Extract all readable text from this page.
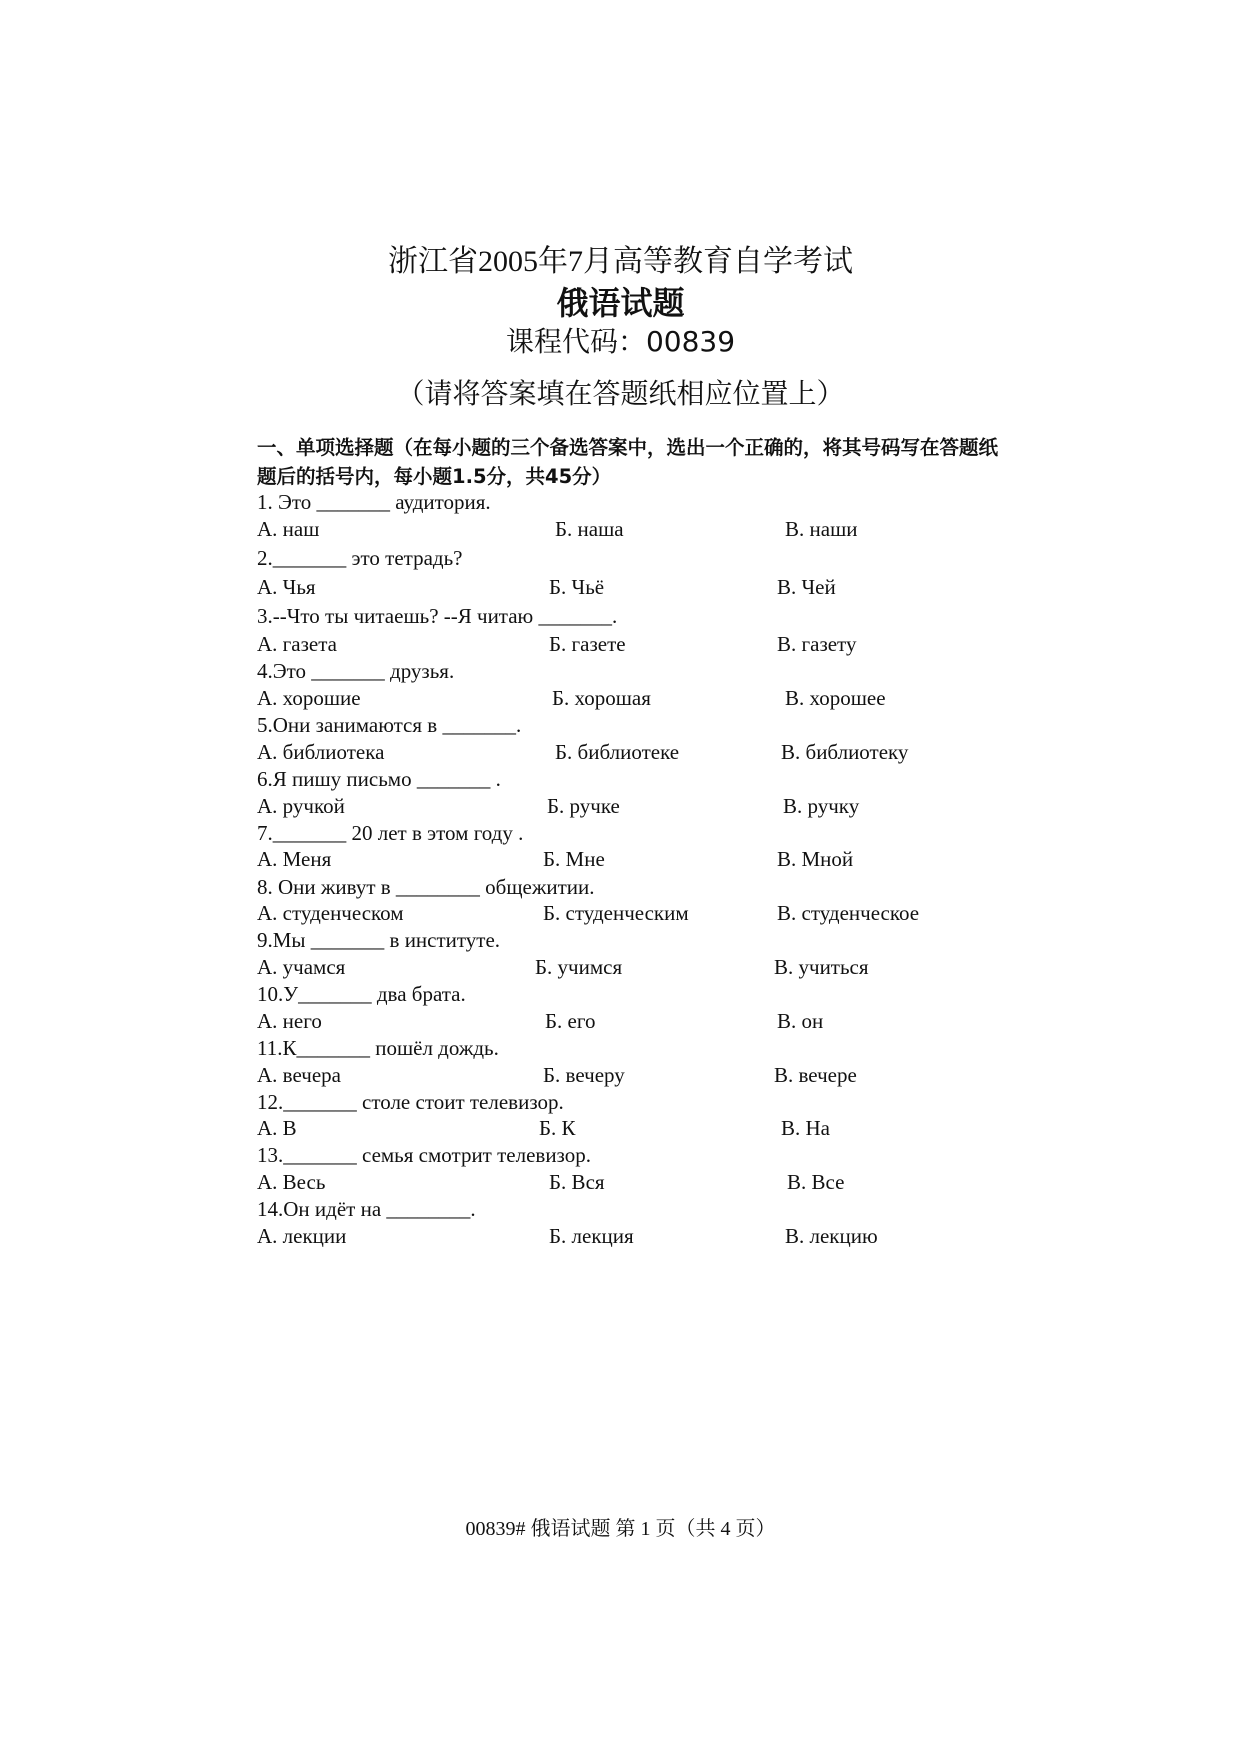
浙江省2005年7月高等教育自学考试
俄语试题
课程代码：00839
（请将答案填在答题纸相应位置上）
一、单项选择题（在每小题的三个备选答案中，选出一个正确的，将其号码写在答题纸题后的括号内，每小题1.5分，共45分）
1. Это _______ аудитория.
А. наш	Б. наша	В. наши
2._______ это тетрадь?
А. Чья	Б. Чьё	В. Чей
3.--Что ты читаешь? --Я читаю _______.
А. газета	Б. газете	В. газету
4.Это _______ друзья.
А. хорошие	Б. хорошая	В. хорошее
5.Они занимаются в _______.
А. библиотека	Б. библиотеке	В. библиотеку
6.Я пишу письмо _______ .
А. ручкой	Б. ручке	В. ручку
7._______ 20 лет в этом году .
А. Меня	Б. Мне	В. Мной
8. Они живут в ________ общежитии.
А. студенческом	Б. студенческим	В. студенческое
9.Мы _______ в институте.
А. учамся	Б. учимся	В. учиться
10.У_______ два брата.
А. него	Б. его	В. он
11.К_______ пошёл дождь.
А. вечера	Б. вечеру	В. вечере
12._______ столе стоит телевизор.
А. В	Б. К	В. На
13._______ семья смотрит телевизор.
А. Весь	Б. Вся	В. Все
14.Он идёт на ________.
А. лекции	Б. лекция	В. лекцию
00839# 俄语试题 第 1 页（共 4 页）
